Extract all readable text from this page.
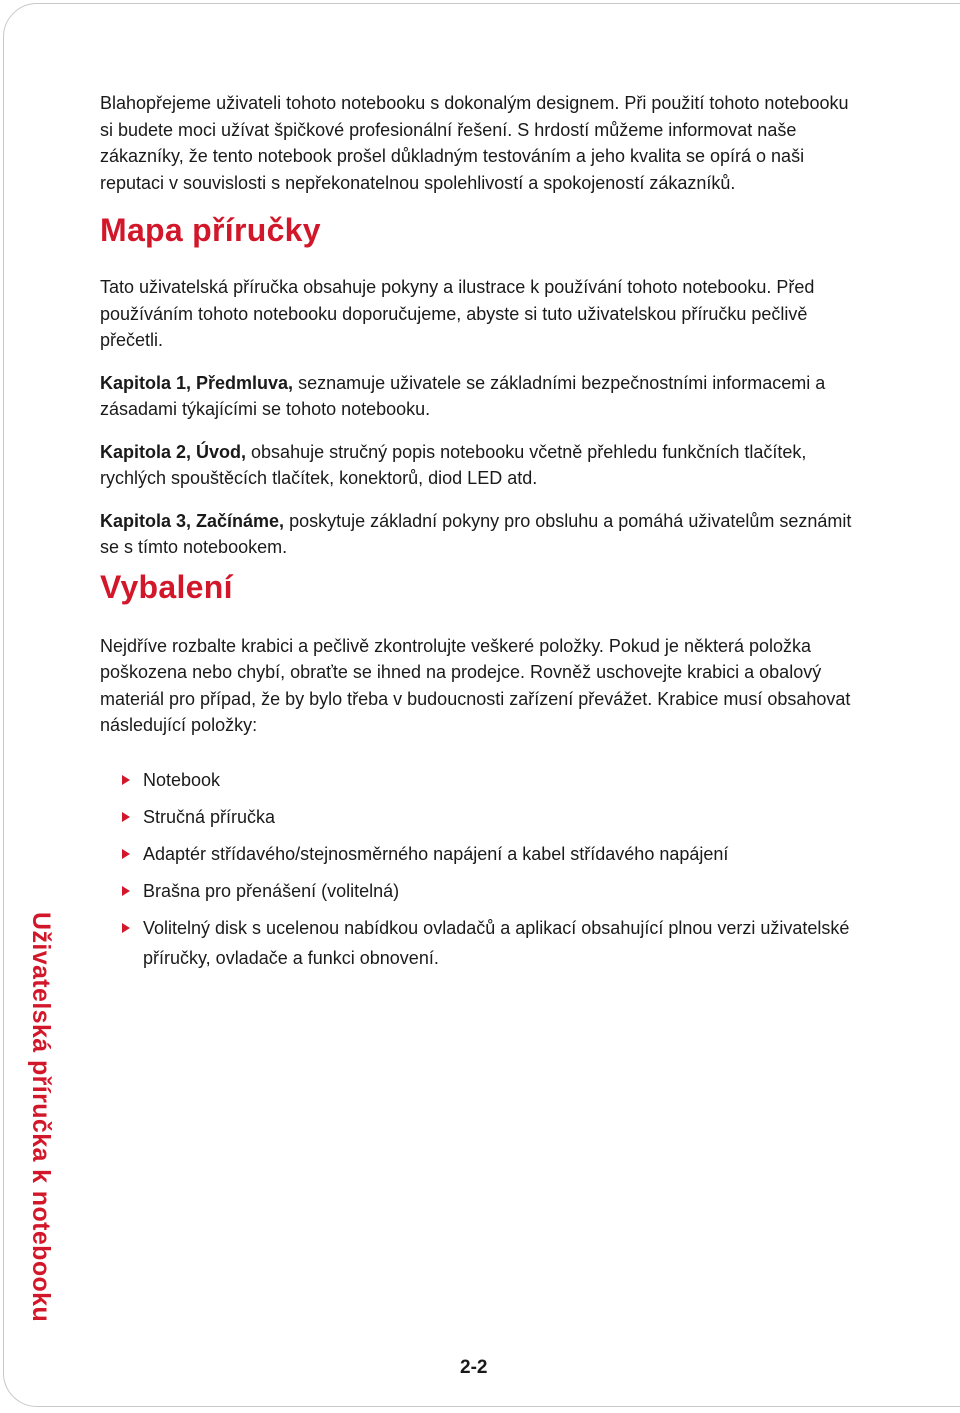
Blahopřejeme uživateli tohoto notebooku s dokonalým designem. Při použití tohoto notebooku si budete moci užívat špičkové profesionální řešení. S hrdostí můžeme informovat naše zákazníky, že tento notebook prošel důkladným testováním a jeho kvalita se opírá o naši reputaci v souvislosti s nepřekonatelnou spolehlivostí a spokojeností zákazníků.

Mapa příručky

Tato uživatelská příručka obsahuje pokyny a ilustrace k používání tohoto notebooku. Před používáním tohoto notebooku doporučujeme, abyste si tuto uživatelskou příručku pečlivě přečetli.

Kapitola 1, Předmluva, seznamuje uživatele se základními bezpečnostními informacemi a zásadami týkajícími se tohoto notebooku.

Kapitola 2, Úvod, obsahuje stručný popis notebooku včetně přehledu funkčních tlačítek, rychlých spouštěcích tlačítek, konektorů, diod LED atd.

Kapitola 3, Začínáme, poskytuje základní pokyny pro obsluhu a pomáhá uživatelům seznámit se s tímto notebookem.

Vybalení

Nejdříve rozbalte krabici a pečlivě zkontrolujte veškeré položky. Pokud je některá položka poškozena nebo chybí, obraťte se ihned na prodejce. Rovněž uschovejte krabici a obalový materiál pro případ, že by bylo třeba v budoucnosti zařízení převážet. Krabice musí obsahovat následující položky:

Notebook
Stručná příručka
Adaptér střídavého/stejnosměrného napájení a kabel střídavého napájení
Brašna pro přenášení (volitelná)
Volitelný disk s ucelenou nabídkou ovladačů a aplikací obsahující plnou verzi uživatelské příručky, ovladače a funkci obnovení.
Uživatelská příručka k notebooku
2-2
